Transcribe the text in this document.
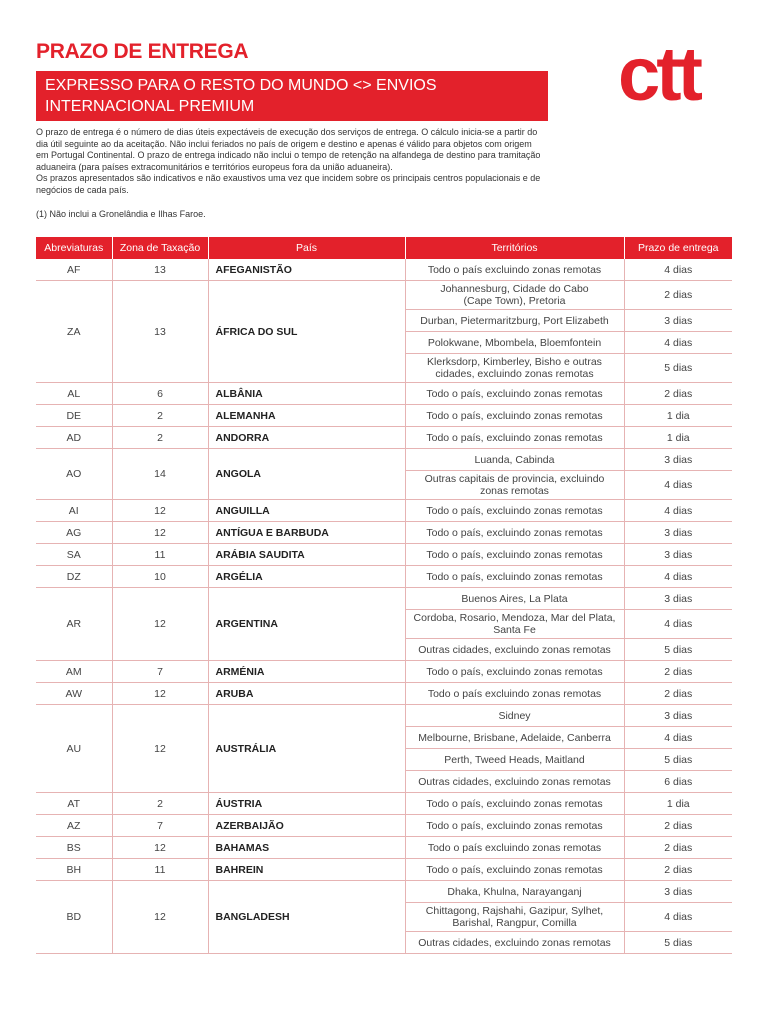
PRAZO DE ENTREGA	ctt
EXPRESSO PARA O RESTO DO MUNDO <> ENVIOS
INTERNACIONAL PREMIUM

O prazo de entrega é o número de dias úteis expectáveis de execução dos serviços de entrega. O cálculo inicia-se a partir do dia útil seguinte ao da aceitação. Não inclui feriados no país de origem e destino e apenas é válido para objetos com origem em Portugal Continental. O prazo de entrega indicado não inclui o tempo de retenção na alfandega de destino para tramitação aduaneira (para países extracomunitários e territórios europeus fora da união aduaneira).

Os prazos apresentados são indicativos e não exaustivos uma vez que incidem sobre os principais centros populacionais e de negócios de cada país.

(1) Não inclui a Gronelândia e Ilhas Faroe.

Abreviaturas	Zona de Taxação	País	Territórios	Prazo de entrega
AF	13	AFEGANISTÃO	Todo o país excluindo zonas remotas	4 dias
ZA	13	ÁFRICA DO SUL	Johannesburg, Cidade do Cabo
(Cape Town), Pretoria	2 dias
			Durban, Pietermaritzburg, Port Elizabeth	3 dias
			Polokwane, Mbombela, Bloemfontein	4 dias
			Klerksdorp, Kimberley, Bisho e outras
cidades, excluindo zonas remotas	5 dias
AL	6	ALBÂNIA	Todo o país, excluindo zonas remotas	2 dias
DE	2	ALEMANHA	Todo o país, excluindo zonas remotas	1 dia
AD	2	ANDORRA	Todo o país, excluindo zonas remotas	1 dia
AO	14	ANGOLA	Luanda, Cabinda	3 dias
			Outras capitais de provincia, excluindo
zonas remotas	4 dias
AI	12	ANGUILLA	Todo o país, excluindo zonas remotas	4 dias
AG	12	ANTÍGUA E BARBUDA	Todo o país, excluindo zonas remotas	3 dias
SA	11	ARÁBIA SAUDITA	Todo o país, excluindo zonas remotas	3 dias
DZ	10	ARGÉLIA	Todo o país, excluindo zonas remotas	4 dias
AR	12	ARGENTINA	Buenos Aires, La Plata	3 dias
			Cordoba, Rosario, Mendoza, Mar del Plata,
Santa Fe	4 dias
			Outras cidades, excluindo zonas remotas	5 dias
AM	7	ARMÉNIA	Todo o país, excluindo zonas remotas	2 dias
AW	12	ARUBA	Todo o país excluindo zonas remotas	2 dias
AU	12	AUSTRÁLIA	Sidney	3 dias
			Melbourne, Brisbane, Adelaide, Canberra	4 dias
			Perth, Tweed Heads, Maitland	5 dias
			Outras cidades, excluindo zonas remotas	6 dias
AT	2	ÁUSTRIA	Todo o país, excluindo zonas remotas	1 dia
AZ	7	AZERBAIJÃO	Todo o país, excluindo zonas remotas	2 dias
BS	12	BAHAMAS	Todo o país excluindo zonas remotas	2 dias
BH	11	BAHREIN	Todo o país, excluindo zonas remotas	2 dias
BD	12	BANGLADESH	Dhaka, Khulna, Narayanganj	3 dias
			Chittagong, Rajshahi, Gazipur, Sylhet,
Barishal, Rangpur, Comilla	4 dias
			Outras cidades, excluindo zonas remotas	5 dias
